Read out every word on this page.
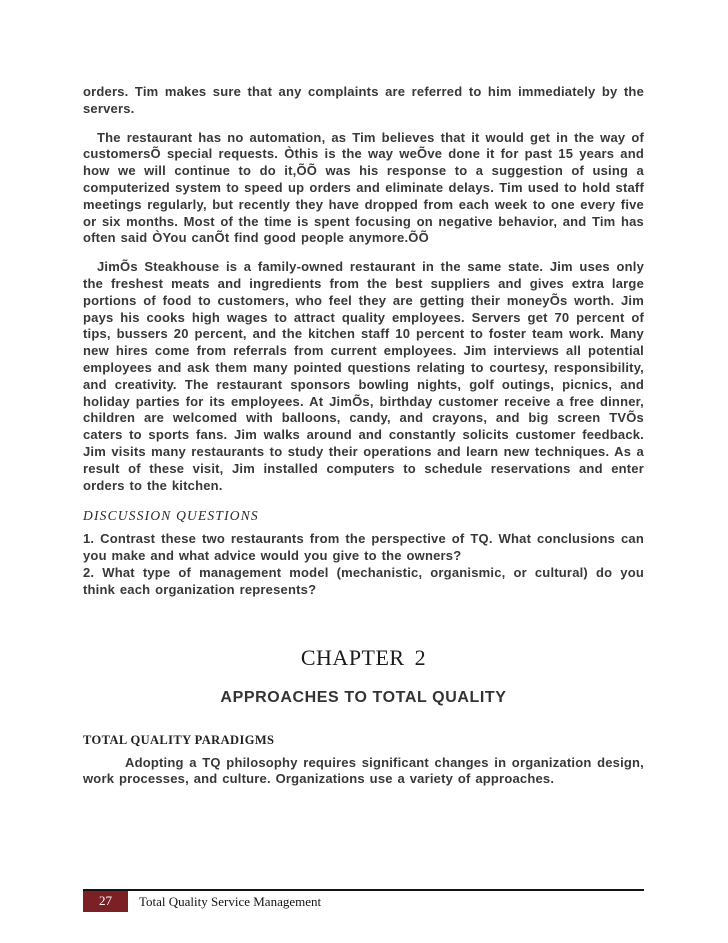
orders. Tim makes sure that any complaints are referred to him immediately by the servers.

The restaurant has no automation, as Tim believes that it would get in the way of customersÕ special requests. Òthis is the way weÕve done it for past 15 years and how we will continue to do it,ÕÕ was his response to a suggestion of using a computerized system to speed up orders and eliminate delays. Tim used to hold staff meetings regularly, but recently they have dropped from each week to one every five or six months. Most of the time is spent focusing on negative behavior, and Tim has often said ÒYou canÕt find good people anymore.ÕÕ

JimÕs Steakhouse is a family-owned restaurant in the same state. Jim uses only the freshest meats and ingredients from the best suppliers and gives extra large portions of food to customers, who feel they are getting their moneyÕs worth. Jim pays his cooks high wages to attract quality employees. Servers get 70 percent of tips, bussers 20 percent, and the kitchen staff 10 percent to foster team work. Many new hires come from referrals from current employees. Jim interviews all potential employees and ask them many pointed questions relating to courtesy, responsibility, and creativity. The restaurant sponsors bowling nights, golf outings, picnics, and holiday parties for its employees. At JimÕs, birthday customer receive a free dinner, children are welcomed with balloons, candy, and crayons, and big screen TVÕs caters to sports fans. Jim walks around and constantly solicits customer feedback. Jim visits many restaurants to study their operations and learn new techniques. As a result of these visit, Jim installed computers to schedule reservations and enter orders to the kitchen.

DISCUSSION QUESTIONS

1. Contrast these two restaurants from the perspective of TQ. What conclusions can you make and what advice would you give to the owners?

2. What type of management model (mechanistic, organismic, or cultural) do you think each organization represents?

CHAPTER 2
APPROACHES TO TOTAL QUALITY
TOTAL QUALITY PARADIGMS

Adopting a TQ philosophy requires significant changes in organization design, work processes, and culture. Organizations use a variety of approaches.

27	Total Quality Service Management
